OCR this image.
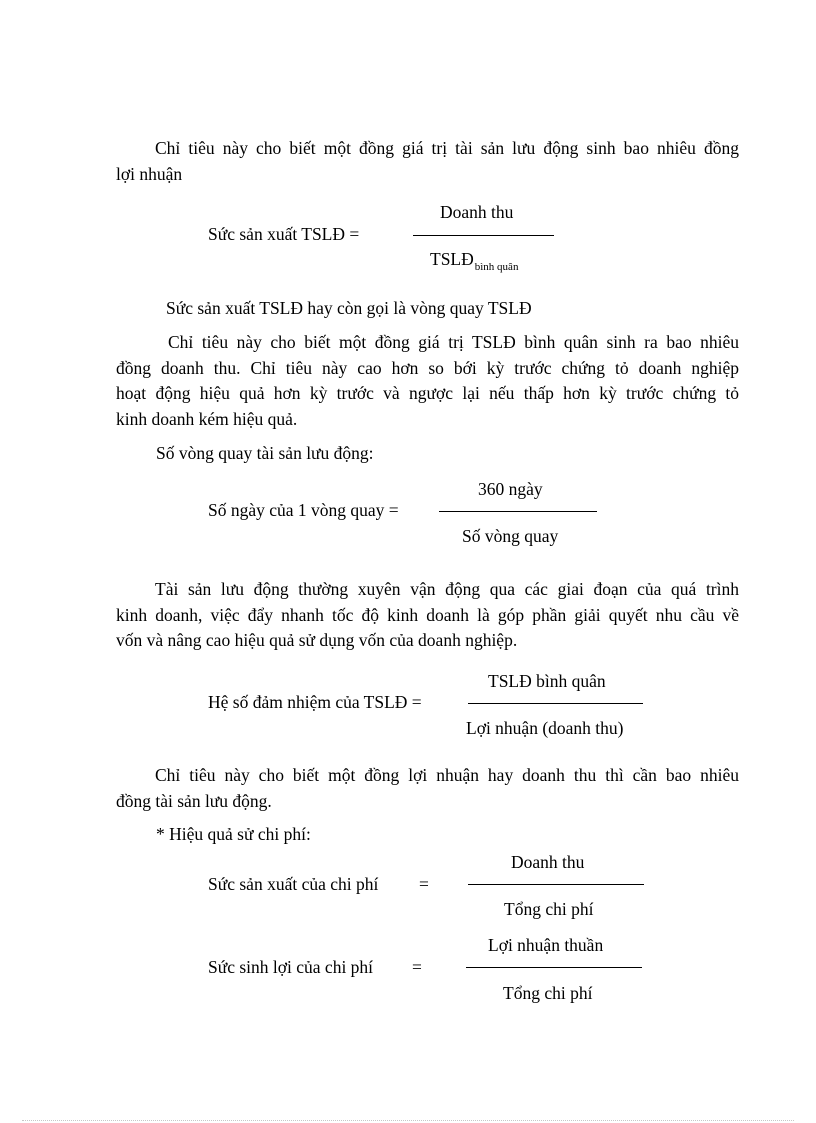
Chỉ tiêu này cho biết một đồng giá trị tài sản lưu động sinh bao nhiêu đồng
lợi nhuận
Sức sản xuất TSLĐ =
Doanh thu
$TSLĐ_{bình quân}$
Sức sản xuất TSLĐ hay còn gọi là vòng quay TSLĐ
Chỉ tiêu này cho biết một đồng giá trị TSLĐ bình quân sinh ra bao nhiêu
đồng doanh thu. Chỉ tiêu này cao hơn so bới kỳ trước chứng tỏ doanh nghiệp
hoạt động hiệu quả hơn kỳ trước và ngược lại nếu thấp hơn kỳ trước chứng tỏ
kinh doanh kém hiệu quả.
Số vòng quay tài sản lưu động:
Số ngày của 1 vòng quay =
360 ngày
Số vòng quay
Tài sản lưu động thường xuyên vận động qua các giai đoạn của quá trình
kinh doanh, việc đẩy nhanh tốc độ kinh doanh là góp phần giải quyết nhu cầu về
vốn và nâng cao hiệu quả sử dụng vốn của doanh nghiệp.
Hệ số đảm nhiệm của TSLĐ =
TSLĐ bình quân
Lợi nhuận (doanh thu)
Chỉ tiêu này cho biết một đồng lợi nhuận hay doanh thu thì cần bao nhiêu
đồng tài sản lưu động.
* Hiệu quả sử chi phí:
Sức sản xuất của chi phí =
Doanh thu
Tổng chi phí
Sức sinh lợi của chi phí =
Lợi nhuận thuần
Tổng chi phí
